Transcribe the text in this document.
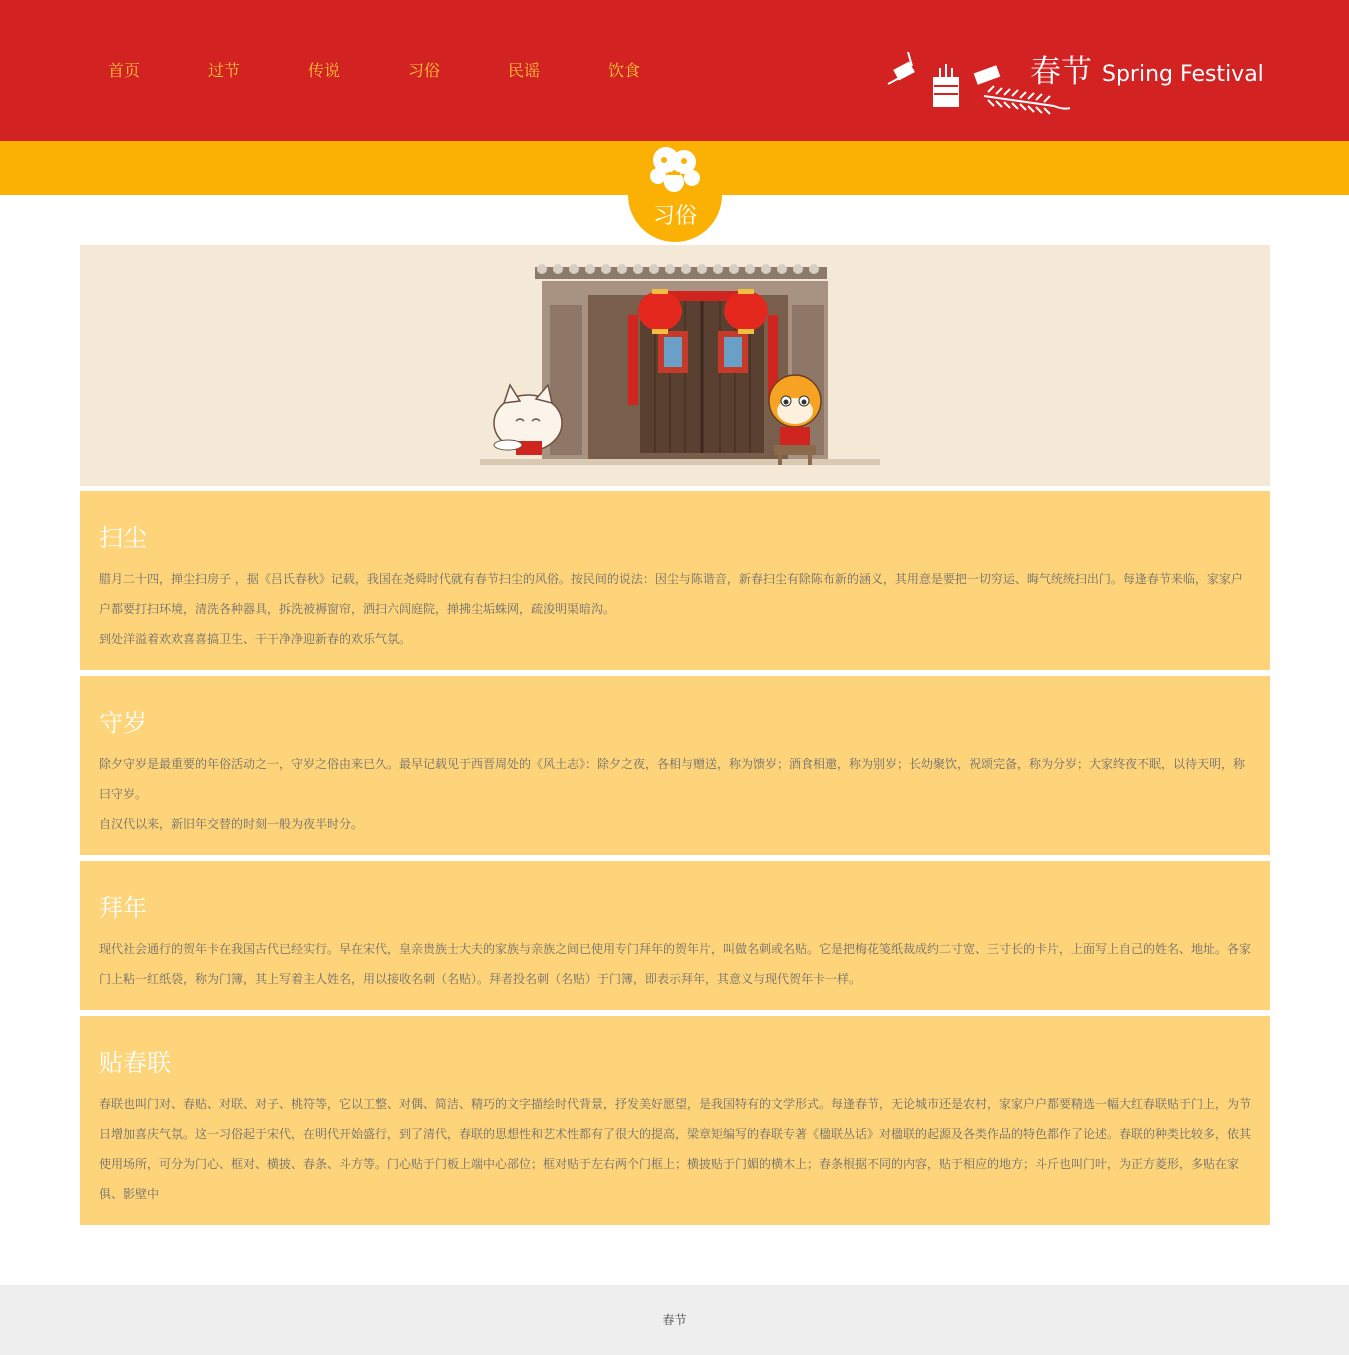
首页	过节	传说	习俗	民谣	饮食	春节 Spring Festival
习俗
扫尘

腊月二十四，掸尘扫房子 ，据《吕氏春秋》记载，我国在尧舜时代就有春节扫尘的风俗。按民间的说法：因尘与陈谐音，新春扫尘有除陈布新的涵义，其用意是要把一切穷运、晦气统统扫出门。每逢春节来临，家家户户都要打扫环境，清洗各种器具，拆洗被褥窗帘，洒扫六闾庭院，掸拂尘垢蛛网，疏浚明渠暗沟。

到处洋溢着欢欢喜喜搞卫生、干干净净迎新春的欢乐气氛。

守岁

除夕守岁是最重要的年俗活动之一，守岁之俗由来已久。最早记载见于西晋周处的《风土志》：除夕之夜，各相与赠送，称为馈岁；酒食相邀，称为别岁；长幼聚饮，祝颂完备，称为分岁；大家终夜不眠，以待天明，称曰守岁。

自汉代以来，新旧年交替的时刻一般为夜半时分。

拜年

现代社会通行的贺年卡在我国古代已经实行。早在宋代，皇亲贵族士大夫的家族与亲族之间已使用专门拜年的贺年片，叫做名刺或名贴。它是把梅花笺纸裁成约二寸宽、三寸长的卡片，上面写上自己的姓名、地址。各家门上粘一红纸袋，称为门簿，其上写着主人姓名，用以接收名刺（名贴）。拜者投名刺（名贴）于门簿，即表示拜年，其意义与现代贺年卡一样。

贴春联

春联也叫门对、春贴、对联、对子、桃符等，它以工整、对偶、简洁、精巧的文字描绘时代背景，抒发美好愿望，是我国特有的文学形式。每逢春节，无论城市还是农村，家家户户都要精选一幅大红春联贴于门上，为节日增加喜庆气氛。这一习俗起于宋代，在明代开始盛行，到了清代，春联的思想性和艺术性都有了很大的提高，梁章矩编写的春联专著《楹联丛话》对楹联的起源及各类作品的特色都作了论述。春联的种类比较多，依其使用场所，可分为门心、框对、横披、春条、斗方等。门心贴于门板上端中心部位；框对贴于左右两个门框上；横披贴于门媚的横木上；春条根据不同的内容，贴于相应的地方；斗斤也叫门叶，为正方菱形，多贴在家俱、影壁中

春节
